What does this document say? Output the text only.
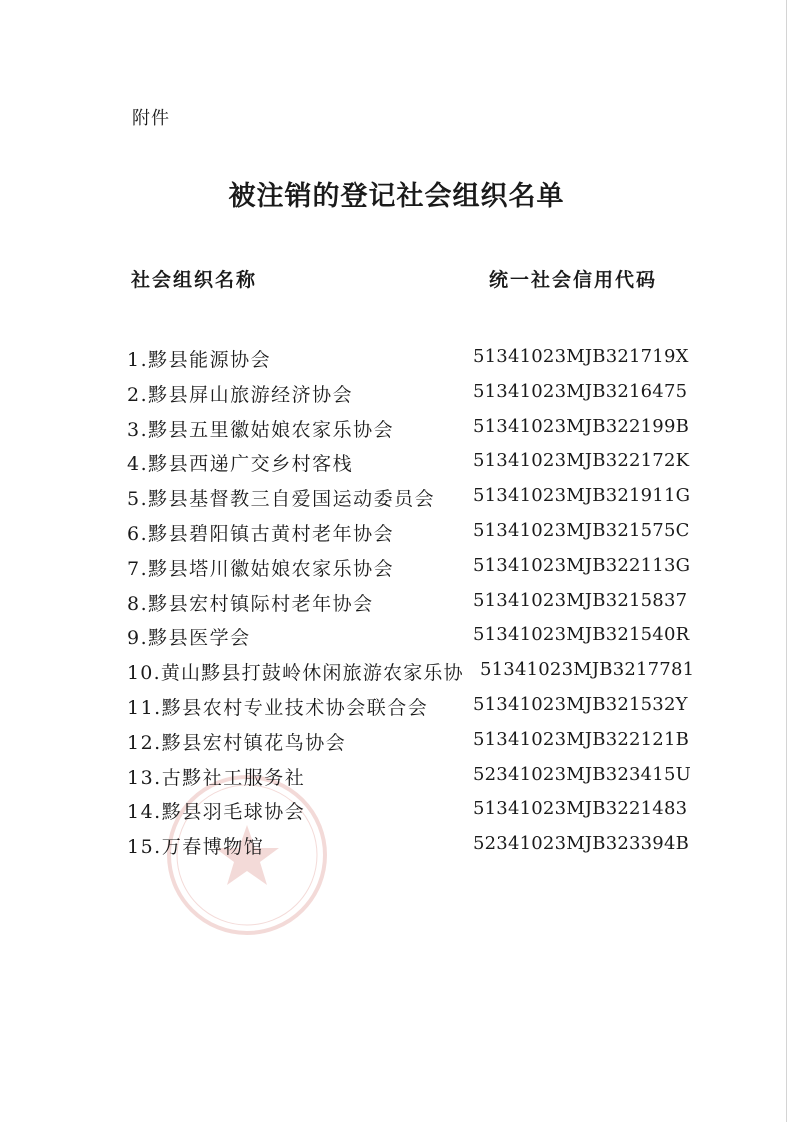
附件
被注销的登记社会组织名单
社会组织名称	统一社会信用代码
1.黟县能源协会	51341023MJB321719X
2.黟县屏山旅游经济协会	51341023MJB3216475
3.黟县五里徽姑娘农家乐协会	51341023MJB322199B
4.黟县西递广交乡村客栈	51341023MJB322172K
5.黟县基督教三自爱国运动委员会 51341023MJB321911G
6.黟县碧阳镇古黄村老年协会	51341023MJB321575C
7.黟县塔川徽姑娘农家乐协会	51341023MJB322113G
8.黟县宏村镇际村老年协会	51341023MJB3215837
9.黟县医学会	51341023MJB321540R
10.黄山黟县打鼓岭休闲旅游农家乐协 51341023MJB3217781
11.黟县农村专业技术协会联合会 51341023MJB321532Y
12.黟县宏村镇花鸟协会	51341023MJB322121B
13.古黟社工服务社	52341023MJB323415U
14.黟县羽毛球协会	51341023MJB3221483
15.万春博物馆	52341023MJB323394B
